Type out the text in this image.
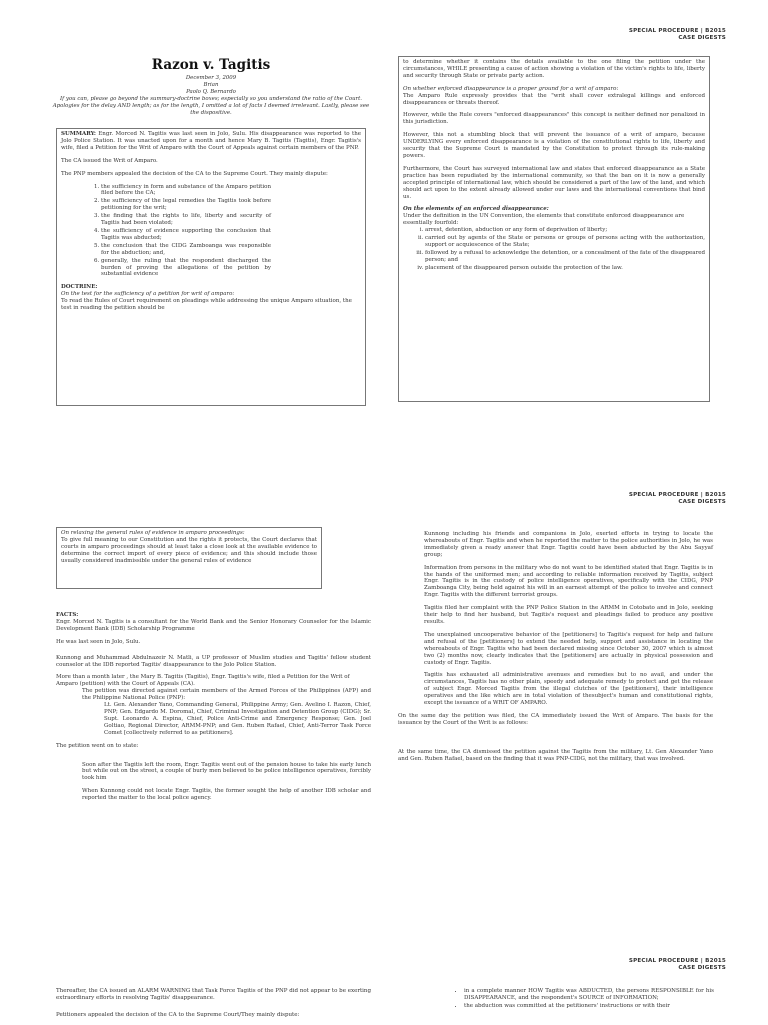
SPECIAL PROCEDURE | B2015
CASE DIGESTS
Razon v. Tagitis
December 3, 2009
Brian
Paolo Q. Bernardo
If you can, please go beyond the summary-doctrine boxes; especially so you understand the ratio of the Court. Apologies for the delay AND length; as for the length, I omitted a lot of facts I deemed irrelevant. Lastly, please see the dispositive.

SUMMARY: Engr. Morced N. Tagitis was last seen in Jolo, Sulu. His disappearance was reported to the Jolo Police Station. It was unacted upon for a month and hence Mary B. Tagitis (Tagitis), Engr. Tagitis's wife, filed a Petition for the Writ of Amparo with the Court of Appeals against certain members of the PNP.

The CA issued the Writ of Amparo.

The PNP members appealed the decision of the CA to the Supreme Court. They mainly dispute:

1. the sufficiency in form and substance of the Amparo petition filed before the CA;
2. the sufficiency of the legal remedies the Tagitis took before petitioning for the writ;
3. the finding that the rights to life, liberty and security of Tagitis had been violated;
4. the sufficiency of evidence supporting the conclusion that Tagitis was abducted;
5. the conclusion that the CIDG Zamboanga was responsible for the abduction; and,
6. generally, the ruling that the respondent discharged the burden of proving the allegations of the petition by substantial evidence
DOCTRINE:
On the test for the sufficiency of a petition for writ of amparo:
To read the Rules of Court requirement on pleadings while addressing the unique Amparo situation, the test in reading the petition should be

to determine whether it contains the details available to the one filing the petition under the circumstances, WHILE presenting a cause of action showing a violation of the victim's rights to life, liberty and security through State or private party action.

On whether enforced disappearance is a proper ground for a writ of amparo:

The Amparo Rule expressly provides that the "writ shall cover extralegal killings and enforced disappearances or threats thereof.

However, while the Rule covers "enforced disappearances" this concept is neither defined nor penalized in this jurisdiction.

However, this not a stumbling block that will prevent the issuance of a writ of amparo, because UNDERLYING every enforced disappearance is a violation of the constitutional rights to life, liberty and security that the Supreme Court is mandated by the Constitution to protect through its rule-making powers.

Furthermore, the Court has surveyed international law and states that enforced disappearance as a State practice has been repudiated by the international community, so that the ban on it is now a generally accepted principle of international law, which should be considered a part of the law of the land, and which should act upon to the extent already allowed under our laws and the international conventions that bind us.

On the elements of an enforced disappearance:
Under the definition in the UN Convention, the elements that constitute enforced disappearance are essentially fourfold:
i. arrest, detention, abduction or any form of deprivation of liberty;
ii. carried out by agents of the State or persons or groups of persons acting with the authorization, support or acquiescence of the State;
iii. followed by a refusal to acknowledge the detention, or a concealment of the fate of the disappeared person; and
iv. placement of the disappeared person outside the protection of the law.
SPECIAL PROCEDURE | B2015
CASE DIGESTS
On relaxing the general rules of evidence in amparo proceedings:
To give full meaning to our Constitution and the rights it protects, the Court declares that courts in amparo proceedings should at least take a close look at the available evidence to determine the correct import of every piece of evidence; and this should include those usually considered inadmissible under the general rules of evidence
FACTS:

Engr. Morced N. Tagitis is a consultant for the World Bank and the Senior Honorary Counselor for the Islamic Development Bank (IDB) Scholarship Programme

He was last seen in Jolo, Sulu.

Kunnong and Muhammad Abdulnazeir N. Matli, a UP professor of Muslim studies and Tagitis' fellow student counselor at the IDB reported Tagitis' disappearance to the Jolo Police Station.

More than a month later , the Mary B. Tagitis (Tagitis), Engr. Tagitis's wife, filed a Petition for the Writ of Amparo (petition) with the Court of Appeals (CA).
The petition was directed against certain members of the Armed Forces of the Philippines (AFP) and the Philippine National Police (PNP):

Lt. Gen. Alexander Yano, Commanding General, Philippine Army; Gen. Avelino I. Razon, Chief, PNP; Gen. Edgardo M. Doromal, Chief, Criminal Investigation and Detention Group (CIDG); Sr. Supt. Leonardo A. Espina, Chief, Police Anti-Crime and Emergency Response; Gen. Joel Goltiao, Regional Director, ARMM-PNP; and Gen. Ruben Rafael, Chief, Anti-Terror Task Force Comet [collectively referred to as petitioners].

The petition went on to state:

Soon after the Tagitis left the room, Engr. Tagitis went out of the pension house to take his early lunch but while out on the street, a couple of burly men believed to be police intelligence operatives, forcibly took him

When Kunnong could not locate Engr. Tagitis, the former sought the help of another IDB scholar and reported the matter to the local police agency.

Kunnong including his friends and companions in Jolo, exerted efforts in trying to locate the whereabouts of Engr. Tagitis and when he reported the matter to the police authorities in Jolo, he was immediately given a ready answer that Engr. Tagitis could have been abducted by the Abu Sayyaf group;

Information from persons in the military who do not want to be identified stated that Engr. Tagitis is in the hands of the uniformed men; and according to reliable information received by Tagitis, subject Engr. Tagitis is in the custody of police intelligence operatives, specifically with the CIDG, PNP Zamboanga City, being held against his will in an earnest attempt of the police to involve and connect Engr. Tagitis with the different terrorist groups.

Tagitis filed her complaint with the PNP Police Station in the ARMM in Cotobato and in Jolo, seeking their help to find her husband, but Tagitis's request and pleadings failed to produce any positive results.

The unexplained uncooperative behavior of the [petitioners] to Tagitis's request for help and failure and refusal of the [petitioners] to extend the needed help, support and assistance in locating the whereabouts of Engr. Tagitis who had been declared missing since October 30, 2007 which is almost two (2) months now, clearly indicates that the [petitioners] are actually in physical possession and custody of Engr. Tagitis.

Tagitis has exhausted all administrative avenues and remedies but to no avail, and under the circumstances, Tagitis has no other plain, speedy and adequate remedy to protect and get the release of subject Engr. Morced Tagitis from the illegal clutches of the [petitioners], their intelligence operatives and the like which are in total violation of thesubject's human and constitutional rights, except the issuance of a WRIT OF AMPARO.

On the same day the petition was filed, the CA immediately issued the Writ of Amparo. The basis for the issuance by the Court of the Writ is as follows:

At the same time, the CA dismissed the petition against the Tagitis from the military, Lt. Gen Alexander Yano and Gen. Ruben Rafael, based on the finding that it was PNP-CIDG, not the military, that was involved.

SPECIAL PROCEDURE | B2015
CASE DIGESTS

Thereafter, the CA issued an ALARM WARNING that Task Force Tagitis of the PNP did not appear to be exerting extraordinary efforts in resolving Tagitis' disappearance.

Petitioners appealed the decision of the CA to the Supreme Court/They mainly dispute:

• in a complete manner HOW Tagitis was ABDUCTED, the persons RESPONSIBLE for his DISAPPEARANCE, and the respondent's SOURCE of INFORMATION;
• the abduction was committed at the petitioners' instructions or with their
